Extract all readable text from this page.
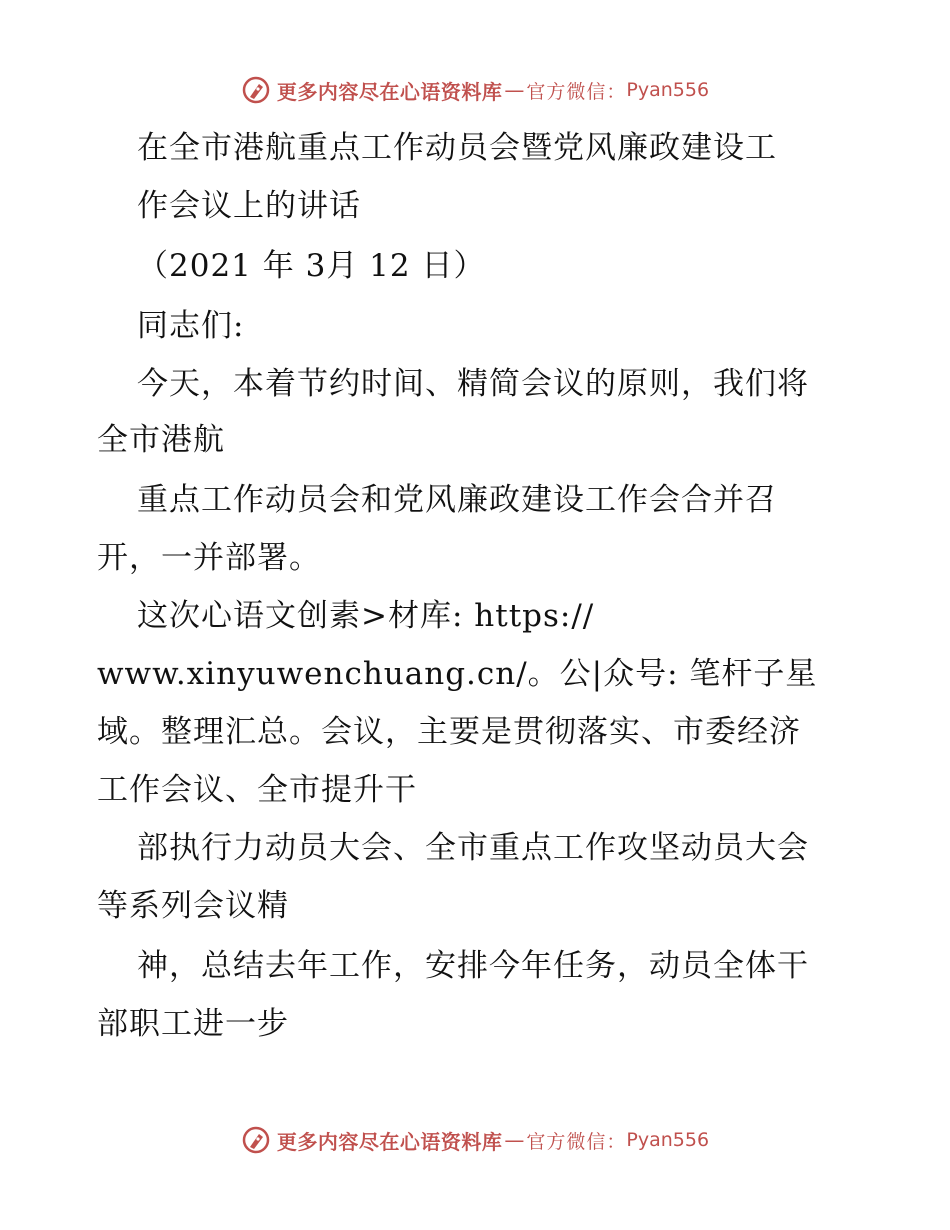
更多内容尽在心语资料库 — 官方微信： Pyan556
在全市港航重点工作动员会暨党风廉政建设工
作会议上的讲话
（2021 年 3月 12 日）
同志们:
今天，本着节约时间、精简会议的原则，我们将
全市港航
重点工作动员会和党风廉政建设工作会合并召
开，一并部署。
这次心语文创素>材库: https://
www.xinyuwenchuang.cn/。公|众号: 笔杆子星
域。整理汇总。会议，主要是贯彻落实、市委经济
工作会议、全市提升干
部执行力动员大会、全市重点工作攻坚动员大会
等系列会议精
神，总结去年工作，安排今年任务，动员全体干
部职工进一步
更多内容尽在心语资料库 — 官方微信： Pyan556
